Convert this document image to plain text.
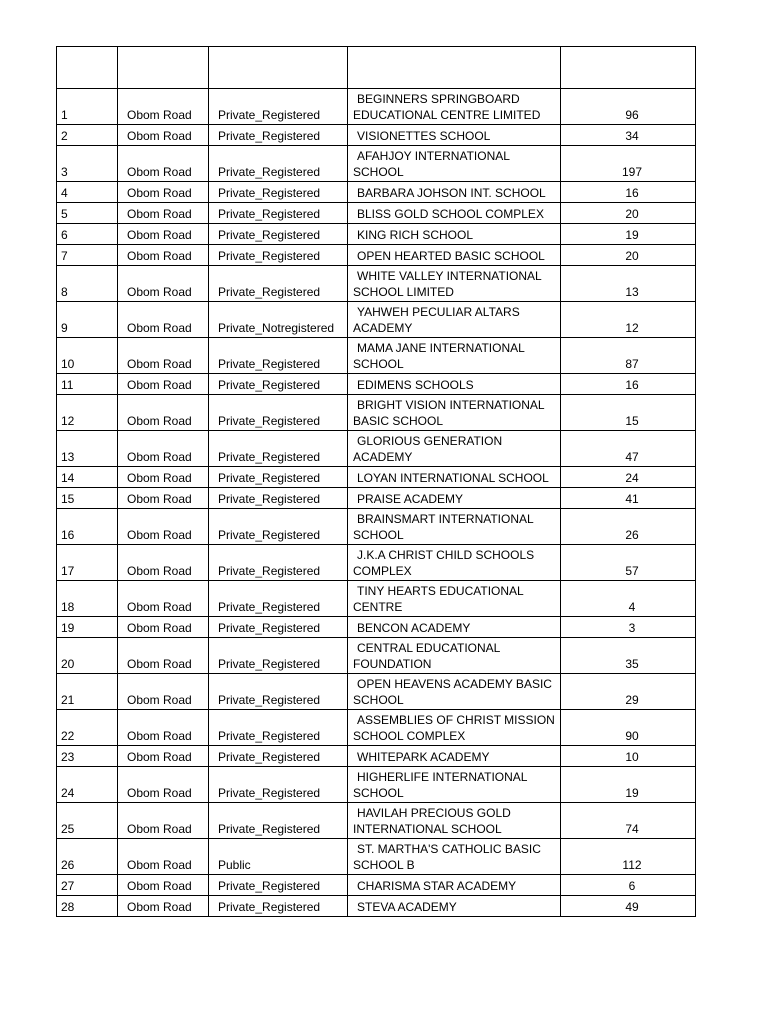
1	Obom Road	Private_Registered	BEGINNERS SPRINGBOARD
EDUCATIONAL CENTRE LIMITED	96
2	Obom Road	Private_Registered	VISIONETTES SCHOOL	34
3	Obom Road	Private_Registered	AFAHJOY INTERNATIONAL
SCHOOL	197
4	Obom Road	Private_Registered	BARBARA JOHSON INT. SCHOOL	16
5	Obom Road	Private_Registered	BLISS GOLD SCHOOL COMPLEX	20
6	Obom Road	Private_Registered	KING RICH SCHOOL	19
7	Obom Road	Private_Registered	OPEN HEARTED BASIC SCHOOL	20
8	Obom Road	Private_Registered	WHITE VALLEY INTERNATIONAL
SCHOOL LIMITED	13
9	Obom Road	Private_Notregistered	YAHWEH PECULIAR ALTARS
ACADEMY	12
10	Obom Road	Private_Registered	MAMA JANE INTERNATIONAL
SCHOOL	87
11	Obom Road	Private_Registered	EDIMENS SCHOOLS	16
12	Obom Road	Private_Registered	BRIGHT VISION INTERNATIONAL
BASIC SCHOOL	15
13	Obom Road	Private_Registered	GLORIOUS GENERATION
ACADEMY	47
14	Obom Road	Private_Registered	LOYAN INTERNATIONAL SCHOOL	24
15	Obom Road	Private_Registered	PRAISE ACADEMY	41
16	Obom Road	Private_Registered	BRAINSMART INTERNATIONAL
SCHOOL	26
17	Obom Road	Private_Registered	J.K.A CHRIST CHILD SCHOOLS
COMPLEX	57
18	Obom Road	Private_Registered	TINY HEARTS EDUCATIONAL
CENTRE	4
19	Obom Road	Private_Registered	BENCON ACADEMY	3
20	Obom Road	Private_Registered	CENTRAL EDUCATIONAL
FOUNDATION	35
21	Obom Road	Private_Registered	OPEN HEAVENS ACADEMY BASIC
SCHOOL	29
22	Obom Road	Private_Registered	ASSEMBLIES OF CHRIST MISSION
SCHOOL COMPLEX	90
23	Obom Road	Private_Registered	WHITEPARK ACADEMY	10
24	Obom Road	Private_Registered	HIGHERLIFE INTERNATIONAL
SCHOOL	19
25	Obom Road	Private_Registered	HAVILAH PRECIOUS GOLD
INTERNATIONAL SCHOOL	74
26	Obom Road	Public	ST. MARTHA'S CATHOLIC BASIC
SCHOOL B	112
27	Obom Road	Private_Registered	CHARISMA STAR ACADEMY	6
28	Obom Road	Private_Registered	STEVA ACADEMY	49
